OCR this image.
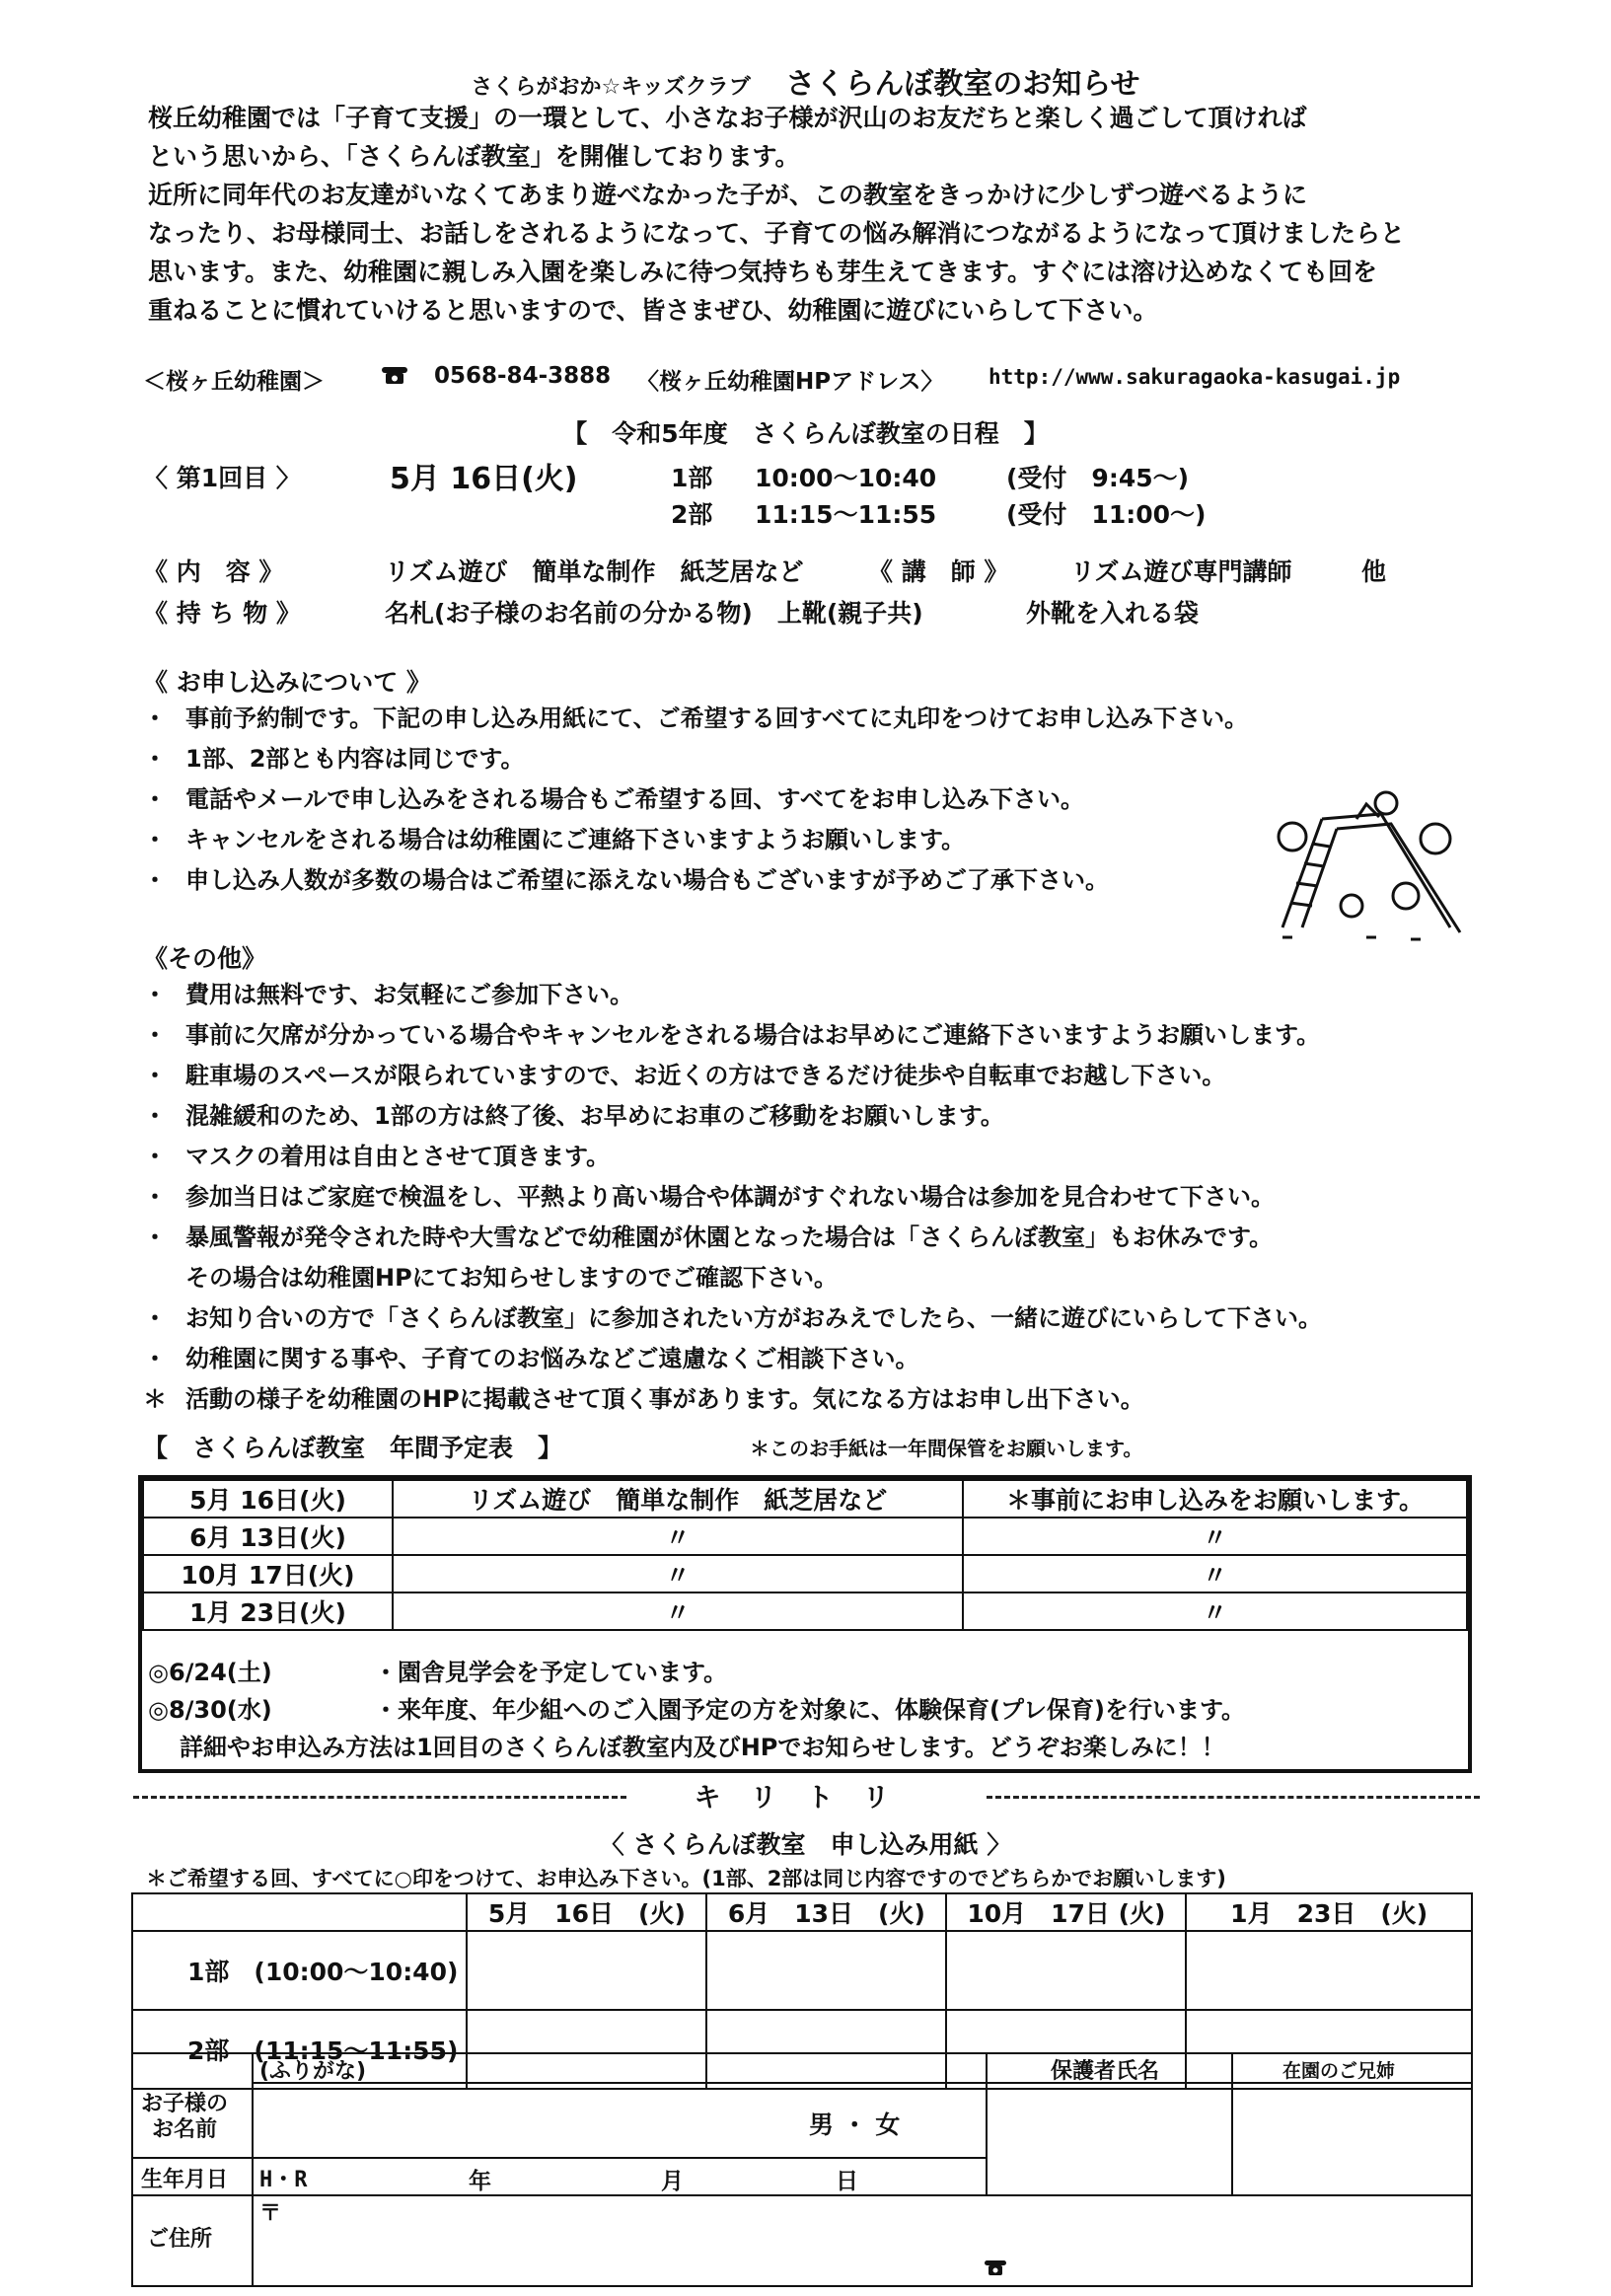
さくらがおか☆キッズクラブ さくらんぼ教室のお知らせ
桜丘幼稚園では「子育て支援」の一環として、小さなお子様が沢山のお友だちと楽しく過ごして頂ければ
という思いから、「さくらんぼ教室」を開催しております。
近所に同年代のお友達がいなくてあまり遊べなかった子が、この教室をきっかけに少しずつ遊べるように
なったり、お母様同士、お話しをされるようになって、子育ての悩み解消につながるようになって頂けましたらと
思います。また、幼稚園に親しみ入園を楽しみに待つ気持ちも芽生えてきます。すぐには溶け込めなくても回を
重ねることに慣れていけると思いますので、皆さまぜひ、幼稚園に遊びにいらして下さい。
＜桜ヶ丘幼稚園＞	0568-84-3888 〈桜ヶ丘幼稚園HPアドレス〉 http://www.sakuragaoka-kasugai.jp
【　令和5年度　さくらんぼ教室の日程　】
〈 第1回目 〉	5月 16日(火)	1部 10:00～10:40	(受付　9:45～)
2部 11:15～11:55	(受付　11:00～)
《 内　容 》	リズム遊び　簡単な制作　紙芝居など	《 講　師 》	リズム遊び専門講師	他
《 持 ち 物 》	名札(お子様のお名前の分かる物)　上靴(親子共)	外靴を入れる袋
《 お申し込みについて 》
・ 事前予約制です。下記の申し込み用紙にて、ご希望する回すべてに丸印をつけてお申し込み下さい。
・ 1部、2部とも内容は同じです。
・ 電話やメールで申し込みをされる場合もご希望する回、すべてをお申し込み下さい。
・ キャンセルをされる場合は幼稚園にご連絡下さいますようお願いします。
・ 申し込み人数が多数の場合はご希望に添えない場合もございますが予めご了承下さい。
《その他》
・ 費用は無料です、お気軽にご参加下さい。
・ 事前に欠席が分かっている場合やキャンセルをされる場合はお早めにご連絡下さいますようお願いします。
・ 駐車場のスペースが限られていますので、お近くの方はできるだけ徒歩や自転車でお越し下さい。
・ 混雑緩和のため、1部の方は終了後、お早めにお車のご移動をお願いします。
・ マスクの着用は自由とさせて頂きます。
・ 参加当日はご家庭で検温をし、平熱より高い場合や体調がすぐれない場合は参加を見合わせて下さい。
・ 暴風警報が発令された時や大雪などで幼稚園が休園となった場合は「さくらんぼ教室」もお休みです。
その場合は幼稚園HPにてお知らせしますのでご確認下さい。
・ お知り合いの方で「さくらんぼ教室」に参加されたい方がおみえでしたら、一緒に遊びにいらして下さい。
・ 幼稚園に関する事や、子育てのお悩みなどご遠慮なくご相談下さい。
＊ 活動の様子を幼稚園のHPに掲載させて頂く事があります。気になる方はお申し出下さい。
【　さくらんぼ教室　年間予定表　】	＊このお手紙は一年間保管をお願いします。
5月 16日(火)	リズム遊び　簡単な制作　紙芝居など	＊事前にお申し込みをお願いします。
6月 13日(火)	〃	〃
10月 17日(火)	〃	〃
1月 23日(火)	〃	〃
◎6/24(土)	・園舎見学会を予定しています。
◎8/30(水)	・来年度、年少組へのご入園予定の方を対象に、体験保育(プレ保育)を行います。
詳細やお申込み方法は1回目のさくらんぼ教室内及びHPでお知らせします。どうぞお楽しみに！！
キリトリ
〈 さくらんぼ教室　申し込み用紙 〉
＊ご希望する回、すべてに○印をつけて、お申込み下さい。(1部、2部は同じ内容ですのでどちらかでお願いします)
	5月　16日　(火)	6月　13日　(火)	10月　17日 (火)	1月　23日　(火)
1部　(10:00～10:40)				
2部　(11:15～11:55)				
(ふりがな)	保護者氏名	在園のご兄姉
お子様の
お名前	男 ・ 女
生年月日 H・R	年	月	日
ご住所
〒
